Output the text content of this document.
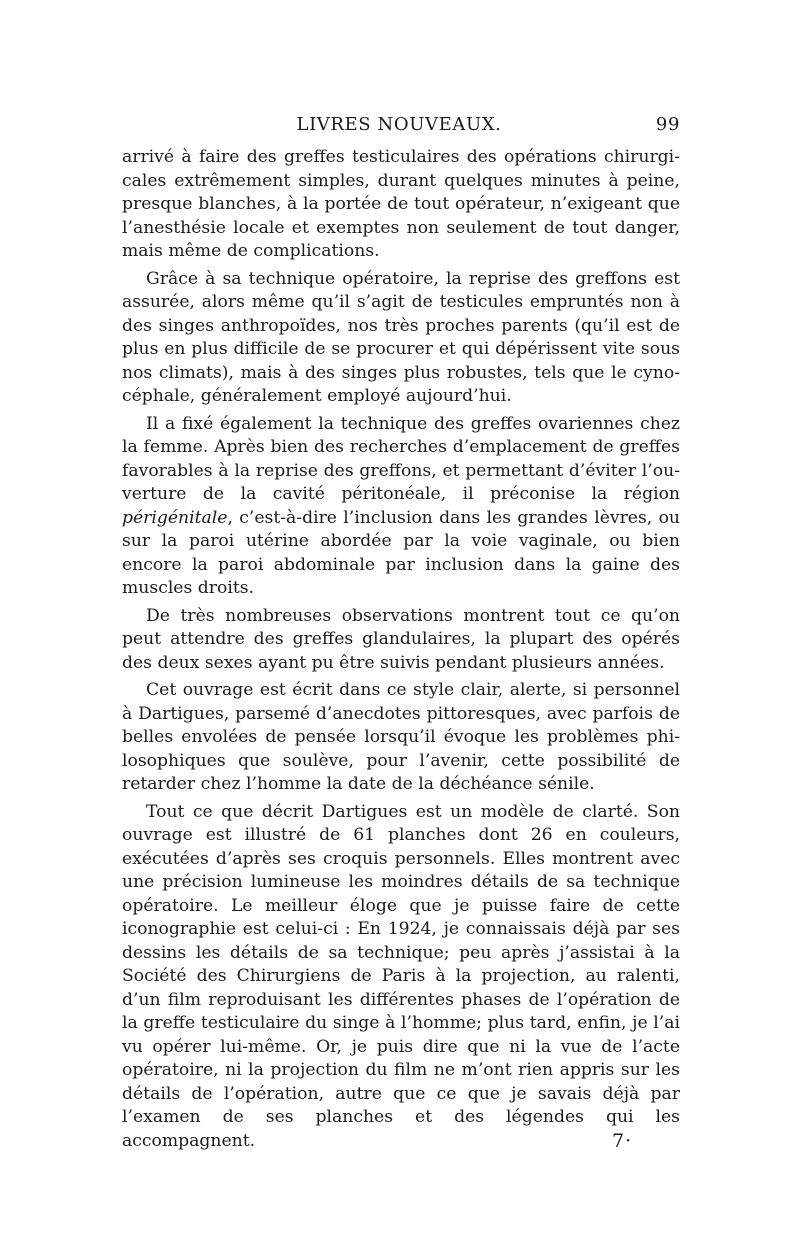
LIVRES NOUVEAUX.	99

arrivé à faire des greffes testiculaires des opérations chirurgicales extrêmement simples, durant quelques minutes à peine, presque blanches, à la portée de tout opérateur, n’exigeant que l’anesthésie locale et exemptes non seulement de tout danger, mais même de complications.

Grâce à sa technique opératoire, la reprise des greffons est assurée, alors même qu’il s’agit de testicules empruntés non à des singes anthropoïdes, nos très proches parents (qu’il est de plus en plus difficile de se procurer et qui dépérissent vite sous nos climats), mais à des singes plus robustes, tels que le cynocéphale, généralement employé aujourd’hui.

Il a fixé également la technique des greffes ovariennes chez la femme. Après bien des recherches d’emplacement de greffes favorables à la reprise des greffons, et permettant d’éviter l’ouverture de la cavité péritonéale, il préconise la région périgénitale, c’est-à-dire l’inclusion dans les grandes lèvres, ou sur la paroi utérine abordée par la voie vaginale, ou bien encore la paroi abdominale par inclusion dans la gaine des muscles droits.

De très nombreuses observations montrent tout ce qu’on peut attendre des greffes glandulaires, la plupart des opérés des deux sexes ayant pu être suivis pendant plusieurs années.

Cet ouvrage est écrit dans ce style clair, alerte, si personnel à Dartigues, parsemé d’anecdotes pittoresques, avec parfois de belles envolées de pensée lorsqu’il évoque les problèmes philosophiques que soulève, pour l’avenir, cette possibilité de retarder chez l’homme la date de la déchéance sénile.

Tout ce que décrit Dartigues est un modèle de clarté. Son ouvrage est illustré de 61 planches dont 26 en couleurs, exécutées d’après ses croquis personnels. Elles montrent avec une précision lumineuse les moindres détails de sa technique opératoire. Le meilleur éloge que je puisse faire de cette iconographie est celui-ci : En 1924, je connaissais déjà par ses dessins les détails de sa technique; peu après j’assistai à la Société des Chirurgiens de Paris à la projection, au ralenti, d’un film reproduisant les différentes phases de l’opération de la greffe testiculaire du singe à l’homme; plus tard, enfin, je l’ai vu opérer lui-même. Or, je puis dire que ni la vue de l’acte opératoire, ni la projection du film ne m’ont rien appris sur les détails de l’opération, autre que ce que je savais déjà par l’examen de ses planches et des légendes qui les accompagnent.	7·
